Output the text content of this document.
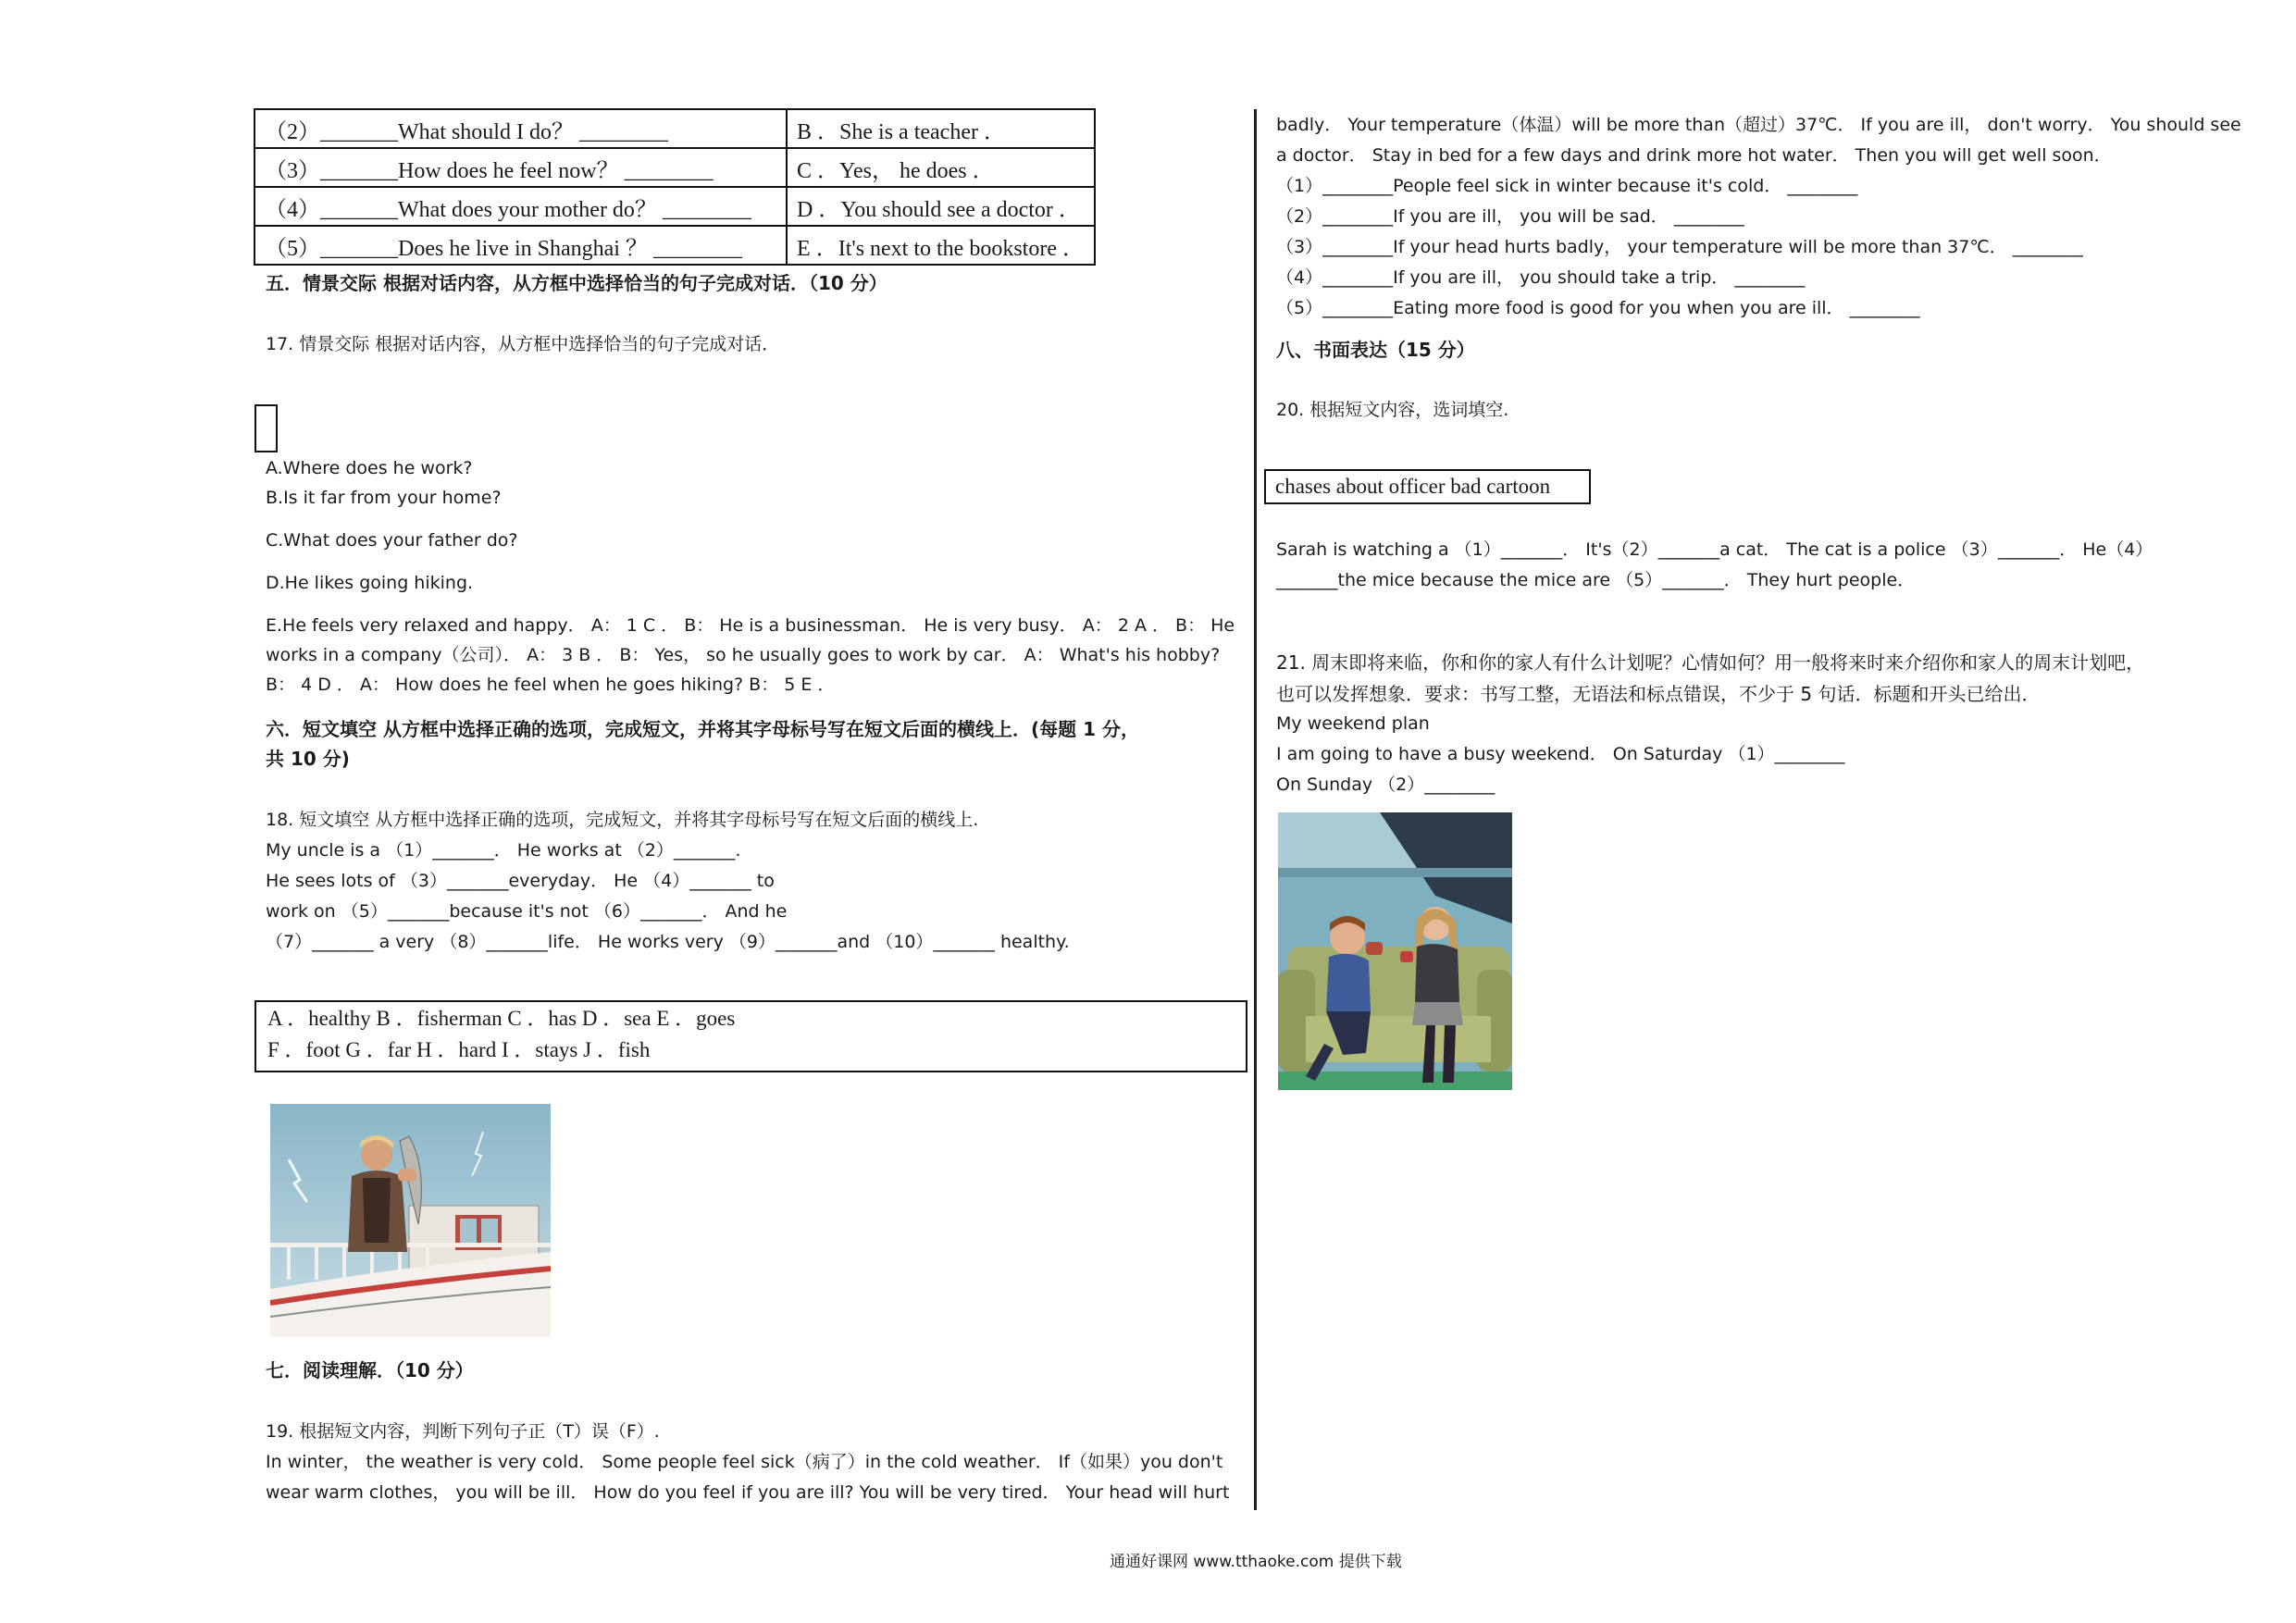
（2）_______What should I do？ ________	B ．She is a teacher ．
（3）_______How does he feel now？ ________	C ．Yes， he does ．
（4）_______What does your mother do？ ________	D ．You should see a doctor ．
（5）_______Does he live in Shanghai ？ ________	E ．It's next to the bookstore ．
五．情景交际 根据对话内容，从方框中选择恰当的句子完成对话．（10 分）
17. 情景交际 根据对话内容，从方框中选择恰当的句子完成对话．
A.Where does he work?
B.Is it far from your home?
C.What does your father do?
D.He likes going hiking.
E.He feels very relaxed and happy． A： 1 C ． B： He is a businessman． He is very busy． A： 2 A ． B： He
works in a company（公司）． A： 3 B ． B： Yes， so he usually goes to work by car． A： What's his hobby?
B： 4 D ． A： How does he feel when he goes hiking? B： 5 E ．
六．短文填空 从方框中选择正确的选项，完成短文，并将其字母标号写在短文后面的横线上．(每题 1 分，
共 10 分)
18. 短文填空 从方框中选择正确的选项，完成短文，并将其字母标号写在短文后面的横线上.
My uncle is a （1）_______． He works at （2）_______.
He sees lots of （3）_______everyday． He （4）_______ to
work on （5）_______because it's not （6）_______． And he
（7）_______ a very （8）_______life． He works very （9）_______and （10）_______ healthy.
A ．healthy B ．fisherman C ．has D ．sea E ．goes
F ．foot G ．far H ．hard I ．stays J ．fish
七．阅读理解．（10 分）
19. 根据短文内容，判断下列句子正（T）误（F）.
In winter， the weather is very cold． Some people feel sick（病了）in the cold weather． If（如果）you don't
wear warm clothes， you will be ill． How do you feel if you are ill? You will be very tired． Your head will hurt
badly． Your temperature（体温）will be more than（超过）37℃． If you are ill， don't worry． You should see
a doctor． Stay in bed for a few days and drink more hot water． Then you will get well soon．
（1）________People feel sick in winter because it's cold． ________
（2）________If you are ill， you will be sad． ________
（3）________If your head hurts badly， your temperature will be more than 37℃． ________
（4）________If you are ill， you should take a trip． ________
（5）________Eating more food is good for you when you are ill． ________
八、书面表达（15 分）
20. 根据短文内容，选词填空.
chases about officer bad cartoon
Sarah is watching a （1）_______． It's（2）_______a cat． The cat is a police （3）_______． He（4）
_______the mice because the mice are （5）_______． They hurt people．
21. 周末即将来临，你和你的家人有什么计划呢？心情如何？用一般将来时来介绍你和家人的周末计划吧，
也可以发挥想象．要求：书写工整，无语法和标点错误，不少于 5 句话．标题和开头已给出．
My weekend plan
I am going to have a busy weekend． On Saturday （1）________
On Sunday （2）________
通通好课网 www.tthaoke.com 提供下载
